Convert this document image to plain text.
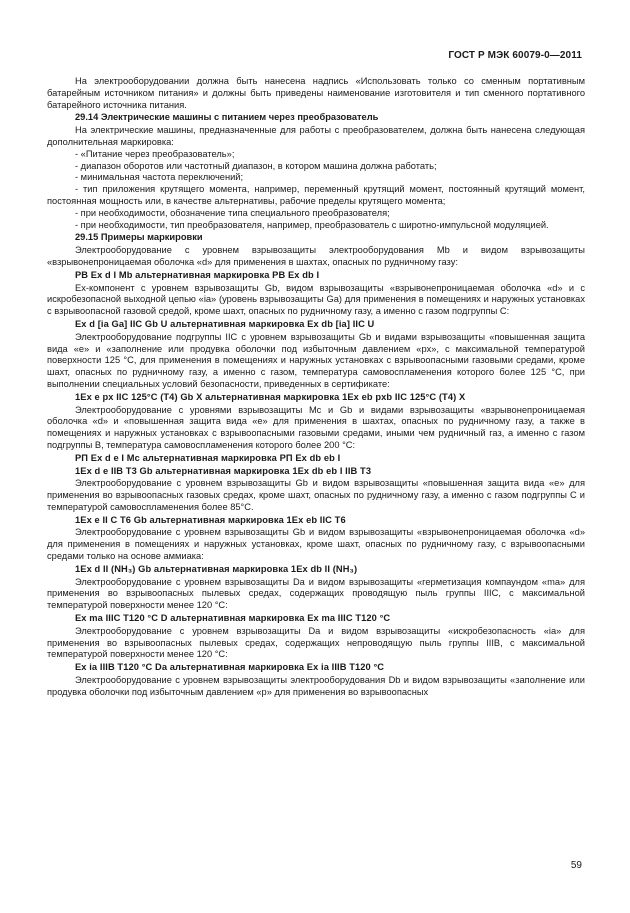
ГОСТ Р МЭК 60079-0—2011

На электрооборудовании должна быть нанесена надпись «Использовать только со сменным портативным батарейным источником питания» и должны быть приведены наименование изготовителя и тип сменного портативного батарейного источника питания.

29.14 Электрические машины с питанием через преобразователь

На электрические машины, предназначенные для работы с преобразователем, должна быть нанесена следующая дополнительная маркировка:

- «Питание через преобразователь»;

- диапазон оборотов или частотный диапазон, в котором машина должна работать;

- минимальная частота переключений;

- тип приложения крутящего момента, например, переменный крутящий момент, постоянный крутящий момент, постоянная мощность или, в качестве альтернативы, рабочие пределы крутящего момента;

- при необходимости, обозначение типа специального преобразователя;

- при необходимости, тип преобразователя, например, преобразователь с широтно-импульсной модуляцией.

29.15 Примеры маркировки

Электрооборудование с уровнем взрывозащиты электрооборудования Mb и видом взрывозащиты «взрывонепроницаемая оболочка «d» для применения в шахтах, опасных по рудничному газу:

PB Ex d I Mb альтернативная маркировка PB Ex db I

Ех-компонент с уровнем взрывозащиты Gb, видом взрывозащиты «взрывонепроницаемая оболочка «d» и с искробезопасной выходной цепью «ia» (уровень взрывозащиты Ga) для применения в помещениях и наружных установках с взрывоопасной газовой средой, кроме шахт, опасных по рудничному газу, а именно с газом подгруппы C:

Ex d [ia Ga] IIC Gb U альтернативная маркировка Ex db [ia] IIC U

Электрооборудование подгруппы IIC с уровнем взрывозащиты Gb и видами взрывозащиты «повышенная защита вида «e» и «заполнение или продувка оболочки под избыточным давлением «px», с максимальной температурой поверхности 125 °C, для применения в помещениях и наружных установках с взрывоопасными газовыми средами, кроме шахт, опасных по рудничному газу, а именно с газом, температура самовоспламенения которого более 125 °C, при выполнении специальных условий безопасности, приведенных в сертификате:

1Ex e px IIC 125°C (T4) Gb X альтернативная маркировка 1Ex eb pxb IIC 125°C (T4) X

Электрооборудование с уровнями взрывозащиты Mc и Gb и видами взрывозащиты «взрывонепроницаемая оболочка «d» и «повышенная защита вида «e» для применения в шахтах, опасных по рудничному газу, а также в помещениях и наружных установках с взрывоопасными газовыми средами, иными чем рудничный газ, а именно с газом подгруппы B, температура самовоспламенения которого более 200 °C:

PП Ex d e I Mc альтернативная маркировка PП Ex db eb I

1Ex d e IIB T3 Gb альтернативная маркировка 1Ex db eb I IIB T3

Электрооборудование с уровнем взрывозащиты Gb и видом взрывозащиты «повышенная защита вида «e» для применения во взрывоопасных газовых средах, кроме шахт, опасных по рудничному газу, а именно с газом подгруппы C и температурой самовоспламенения более 85°C.

1Ex e II C T6 Gb альтернативная маркировка 1Ex eb IIC T6

Электрооборудование с уровнем взрывозащиты Gb и видом взрывозащиты «взрывонепроницаемая оболочка «d» для применения в помещениях и наружных установках, кроме шахт, опасных по рудничному газу, с взрывоопасными средами только на основе аммиака:

1Ex d II (NH₃) Gb альтернативная маркировка 1Ex db II (NH₃)

Электрооборудование с уровнем взрывозащиты Da и видом взрывозащиты «герметизация компаундом «ma» для применения во взрывоопасных пылевых средах, содержащих проводящую пыль группы IIIC, с максимальной температурой поверхности менее 120 °C:

Ex ma IIIC T120 °C D альтернативная маркировка Ex ma IIIC T120 °C

Электрооборудование с уровнем взрывозащиты Da и видом взрывозащиты «искробезопасность «ia» для применения во взрывоопасных пылевых средах, содержащих непроводящую пыль группы IIIB, с максимальной температурой поверхности менее 120 °C:

Ex ia IIIB T120 °C Da альтернативная маркировка Ex ia IIIB T120 °C

Электрооборудование с уровнем взрывозащиты электрооборудования Db и видом взрывозащиты «заполнение или продувка оболочки под избыточным давлением «p» для применения во взрывоопасных

59
